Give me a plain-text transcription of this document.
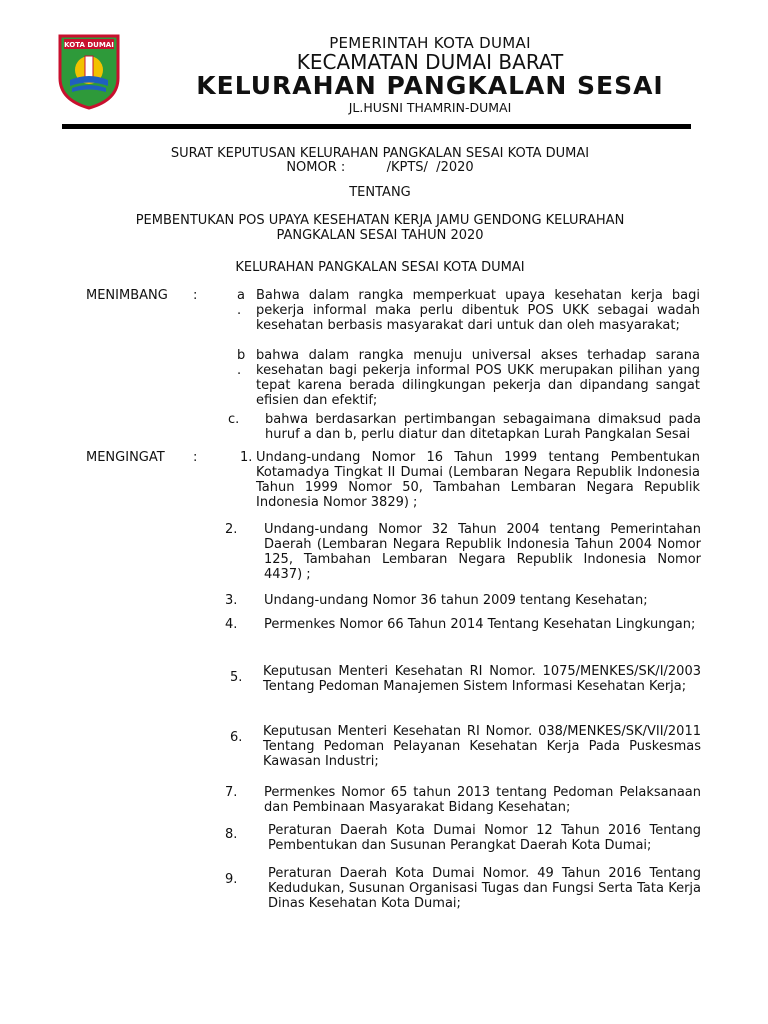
KOTA DUMAI	PEMERINTAH KOTA DUMAI
KECAMATAN DUMAI BARAT
KELURAHAN PANGKALAN SESAI
JL.HUSNI THAMRIN-DUMAI
SURAT KEPUTUSAN KELURAHAN PANGKALAN SESAI KOTA DUMAI
NOMOR :          /KPTS/  /2020
TENTANG
PEMBENTUKAN POS UPAYA KESEHATAN KERJA JAMU GENDONG KELURAHAN
PANGKALAN SESAI TAHUN 2020
KELURAHAN PANGKALAN SESAI KOTA DUMAI
MENIMBANG :	a
.
Bahwa dalam rangka memperkuat upaya kesehatan kerja bagi pekerja informal maka perlu dibentuk POS UKK sebagai wadah kesehatan berbasis masyarakat dari untuk dan oleh masyarakat;
b
.
bahwa dalam rangka menuju universal akses terhadap sarana kesehatan bagi pekerja informal POS UKK merupakan pilihan yang tepat karena berada dilingkungan pekerja dan dipandang sangat efisien dan efektif;
c. bahwa berdasarkan pertimbangan sebagaimana dimaksud pada huruf a dan b, perlu diatur dan ditetapkan Lurah Pangkalan Sesai
MENGINGAT :	1. Undang-undang Nomor 16 Tahun 1999 tentang Pembentukan Kotamadya Tingkat II Dumai (Lembaran Negara Republik Indonesia Tahun 1999 Nomor 50, Tambahan Lembaran Negara Republik Indonesia Nomor 3829) ;
2. Undang-undang Nomor 32 Tahun 2004 tentang Pemerintahan Daerah (Lembaran Negara Republik Indonesia Tahun 2004 Nomor 125, Tambahan Lembaran Negara Republik Indonesia Nomor 4437) ;
3. Undang-undang Nomor 36 tahun 2009 tentang Kesehatan;
4. Permenkes Nomor 66 Tahun 2014 Tentang Kesehatan Lingkungan;
5. Keputusan Menteri Kesehatan RI Nomor. 1075/MENKES/SK/I/2003 Tentang Pedoman Manajemen Sistem Informasi Kesehatan Kerja;
6. Keputusan Menteri Kesehatan RI Nomor. 038/MENKES/SK/VII/2011 Tentang Pedoman Pelayanan Kesehatan Kerja Pada Puskesmas Kawasan Industri;
7. Permenkes Nomor 65 tahun 2013 tentang Pedoman Pelaksanaan dan Pembinaan Masyarakat Bidang Kesehatan;
8. Peraturan Daerah Kota Dumai Nomor 12 Tahun 2016 Tentang Pembentukan dan Susunan Perangkat Daerah Kota Dumai;
9. Peraturan Daerah Kota Dumai Nomor. 49 Tahun 2016 Tentang Kedudukan, Susunan Organisasi Tugas dan Fungsi Serta Tata Kerja Dinas Kesehatan Kota Dumai;
